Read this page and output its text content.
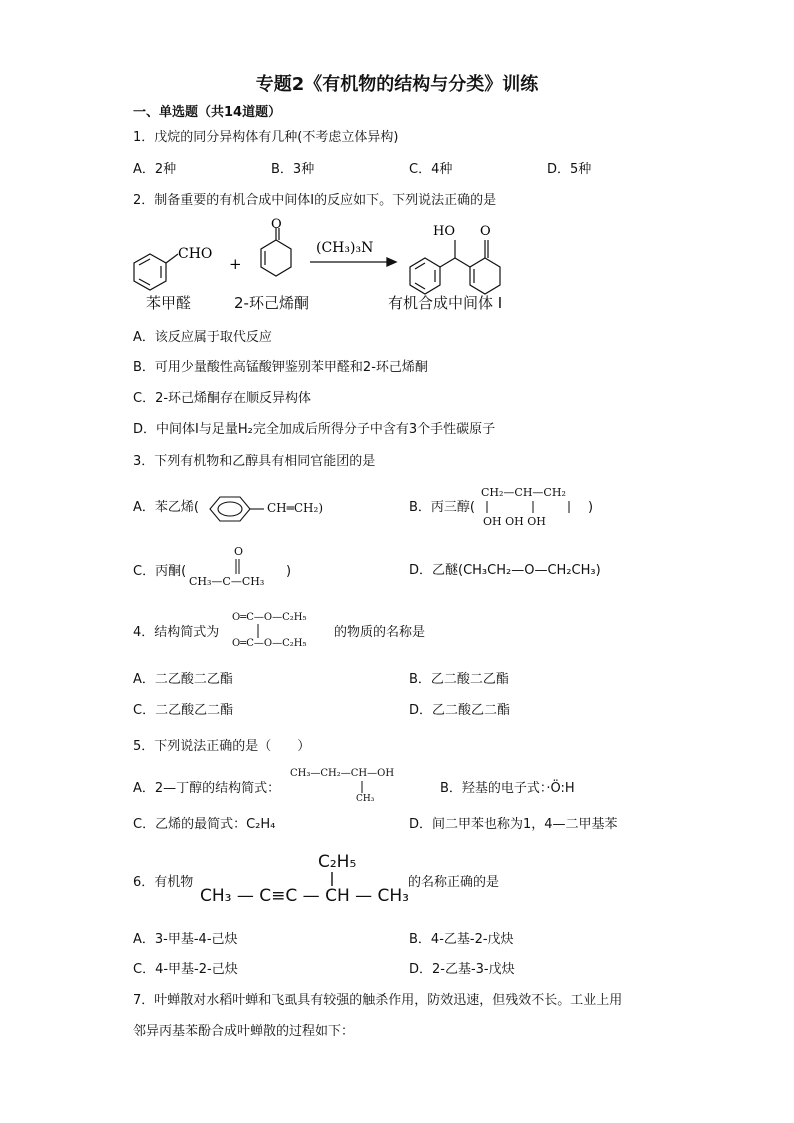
专题2《有机物的结构与分类》训练
一、单选题（共14道题）
1．戊烷的同分异构体有几种(不考虑立体异构)
A．2种	B．3种	C．4种	D．5种
2．制备重要的有机合成中间体I的反应如下。下列说法正确的是
CHO
+
O
(CH₃)₃N
HO O
苯甲醛	2-环己烯酮	有机合成中间体 I
A．该反应属于取代反应
B．可用少量酸性高锰酸钾鉴别苯甲醛和2-环己烯酮
C．2-环己烯酮存在顺反异构体
D．中间体I与足量H₂完全加成后所得分子中含有3个手性碳原子
3．下列有机物和乙醇具有相同官能团的是
A．苯乙烯(	CH═CH₂)	B．丙三醇(
CH₂—CH—CH₂
OH OH OH
)
C．丙酮(
O
CH₃—C—CH₃
)	D．乙醚(CH₃CH₂—O—CH₂CH₃)
4．结构简式为
O═C—O—C₂H₅
O═C—O—C₂H₅
的物质的名称是
A．二乙酸二乙酯	B．乙二酸二乙酯
C．二乙酸乙二酯	D．乙二酸乙二酯
5．下列说法正确的是（　　）
A．2—丁醇的结构简式：
CH₃—CH₂—CH—OH
CH₃
B．羟基的电子式：·Ö:H
C．乙烯的最简式：C₂H₄	D．间二甲苯也称为1，4—二甲基苯
6．有机物
C₂H₅
CH₃ — C≡C — CH — CH₃
的名称正确的是
A．3-甲基-4-己炔	B．4-乙基-2-戊炔
C．4-甲基-2-己炔	D．2-乙基-3-戊炔
7．叶蝉散对水稻叶蝉和飞虱具有较强的触杀作用，防效迅速，但残效不长。工业上用
邻异丙基苯酚合成叶蝉散的过程如下：
